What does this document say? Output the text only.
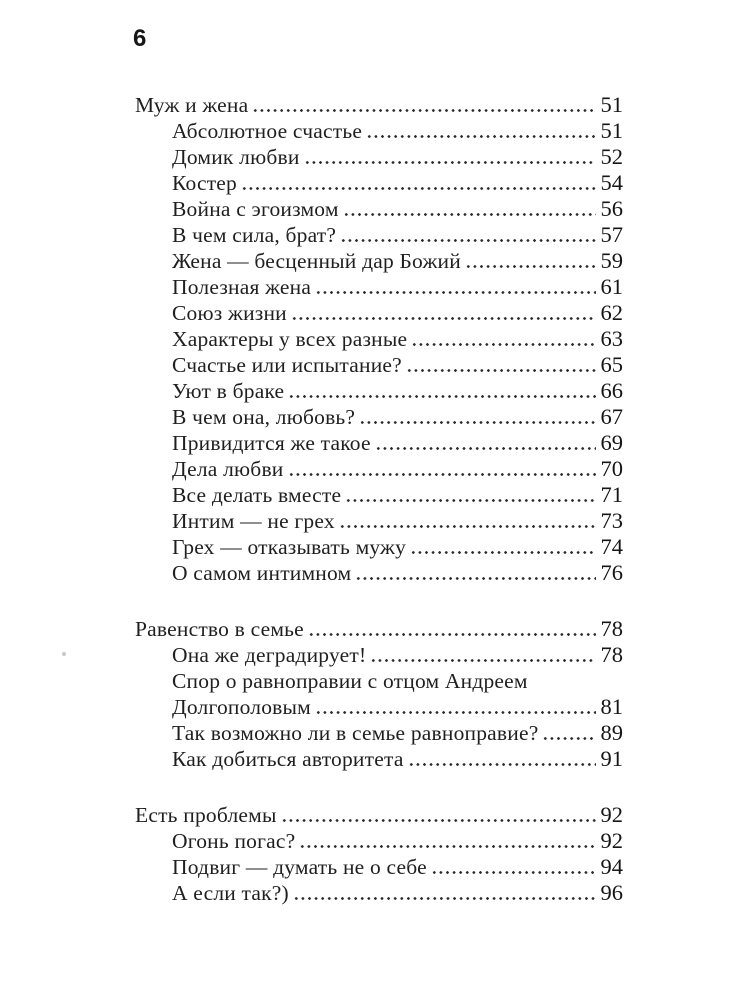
6
Муж и жена	51
Абсолютное счастье	51
Домик любви	52
Костер	54
Война с эгоизмом	56
В чем сила, брат?	57
Жена — бесценный дар Божий	59
Полезная жена	61
Союз жизни	62
Характеры у всех разные	63
Счастье или испытание?	65
Уют в браке	66
В чем она, любовь?	67
Привидится же такое	69
Дела любви	70
Все делать вместе	71
Интим — не грех	73
Грех — отказывать мужу	74
О самом интимном	76
Равенство в семье	78
Она же деградирует!	78
Спор о равноправии с отцом Андреем
Долгополовым	81
Так возможно ли в семье равноправие?	89
Как добиться авторитета	91
Есть проблемы	92
Огонь погас?	92
Подвиг — думать не о себе	94
А если так?)	96
